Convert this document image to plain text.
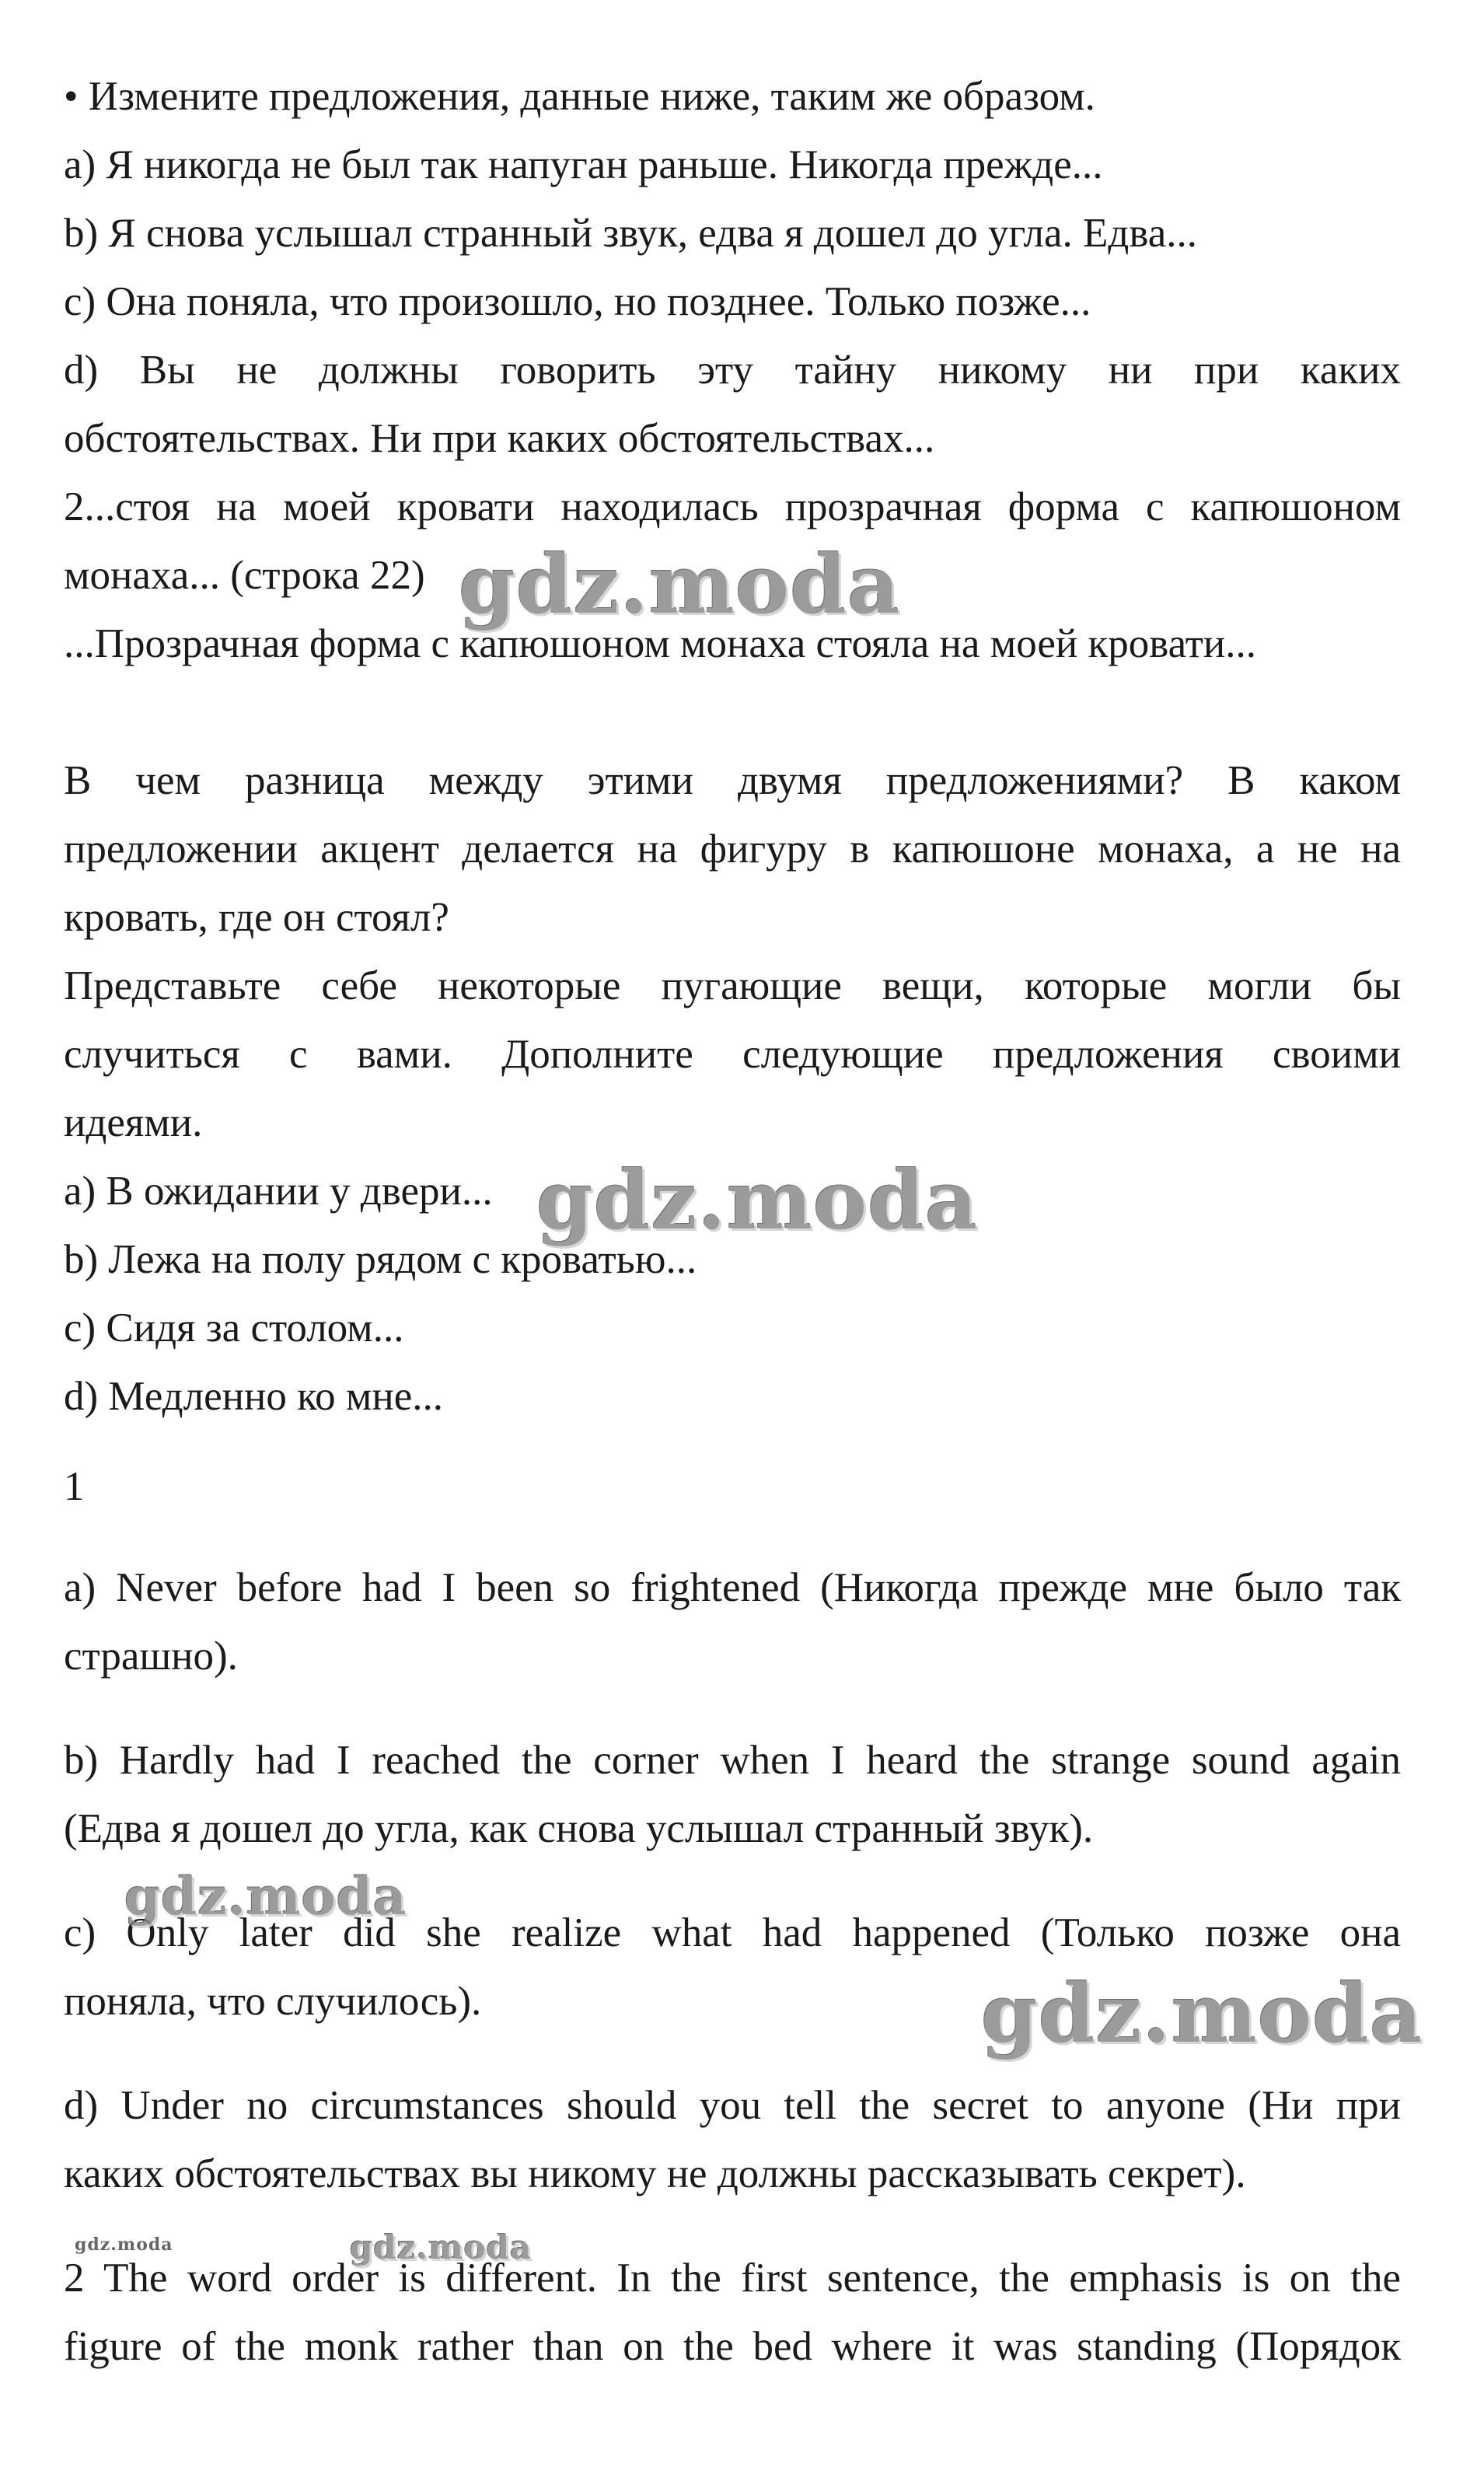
• Измените предложения, данные ниже, таким же образом.
a) Я никогда не был так напуган раньше. Никогда прежде...
b) Я снова услышал странный звук, едва я дошел до угла. Едва...
c) Она поняла, что произошло, но позднее. Только позже...
d) Вы не должны говорить эту тайну никому ни при каких
обстоятельствах. Ни при каких обстоятельствах...
2...стоя на моей кровати находилась прозрачная форма с капюшоном
монаха... (строка 22)
...Прозрачная форма с капюшоном монаха стояла на моей кровати...
В чем разница между этими двумя предложениями? В каком
предложении акцент делается на фигуру в капюшоне монаха, а не на
кровать, где он стоял?
Представьте себе некоторые пугающие вещи, которые могли бы
случиться с вами. Дополните следующие предложения своими
идеями.
a) В ожидании у двери...
b) Лежа на полу рядом с кроватью...
c) Сидя за столом...
d) Медленно ко мне...
1
a) Never before had I been so frightened (Никогда прежде мне было так
страшно).
b) Hardly had I reached the corner when I heard the strange sound again
(Едва я дошел до угла, как снова услышал странный звук).
c) Only later did she realize what had happened (Только позже она
поняла, что случилось).
d) Under no circumstances should you tell the secret to anyone (Ни при
каких обстоятельствах вы никому не должны рассказывать секрет).
2 The word order is different. In the first sentence, the emphasis is on the
figure of the monk rather than on the bed where it was standing (Порядок
gdz.moda
gdz.moda
gdz.moda
gdz.moda
gdz.moda
gdz.moda
